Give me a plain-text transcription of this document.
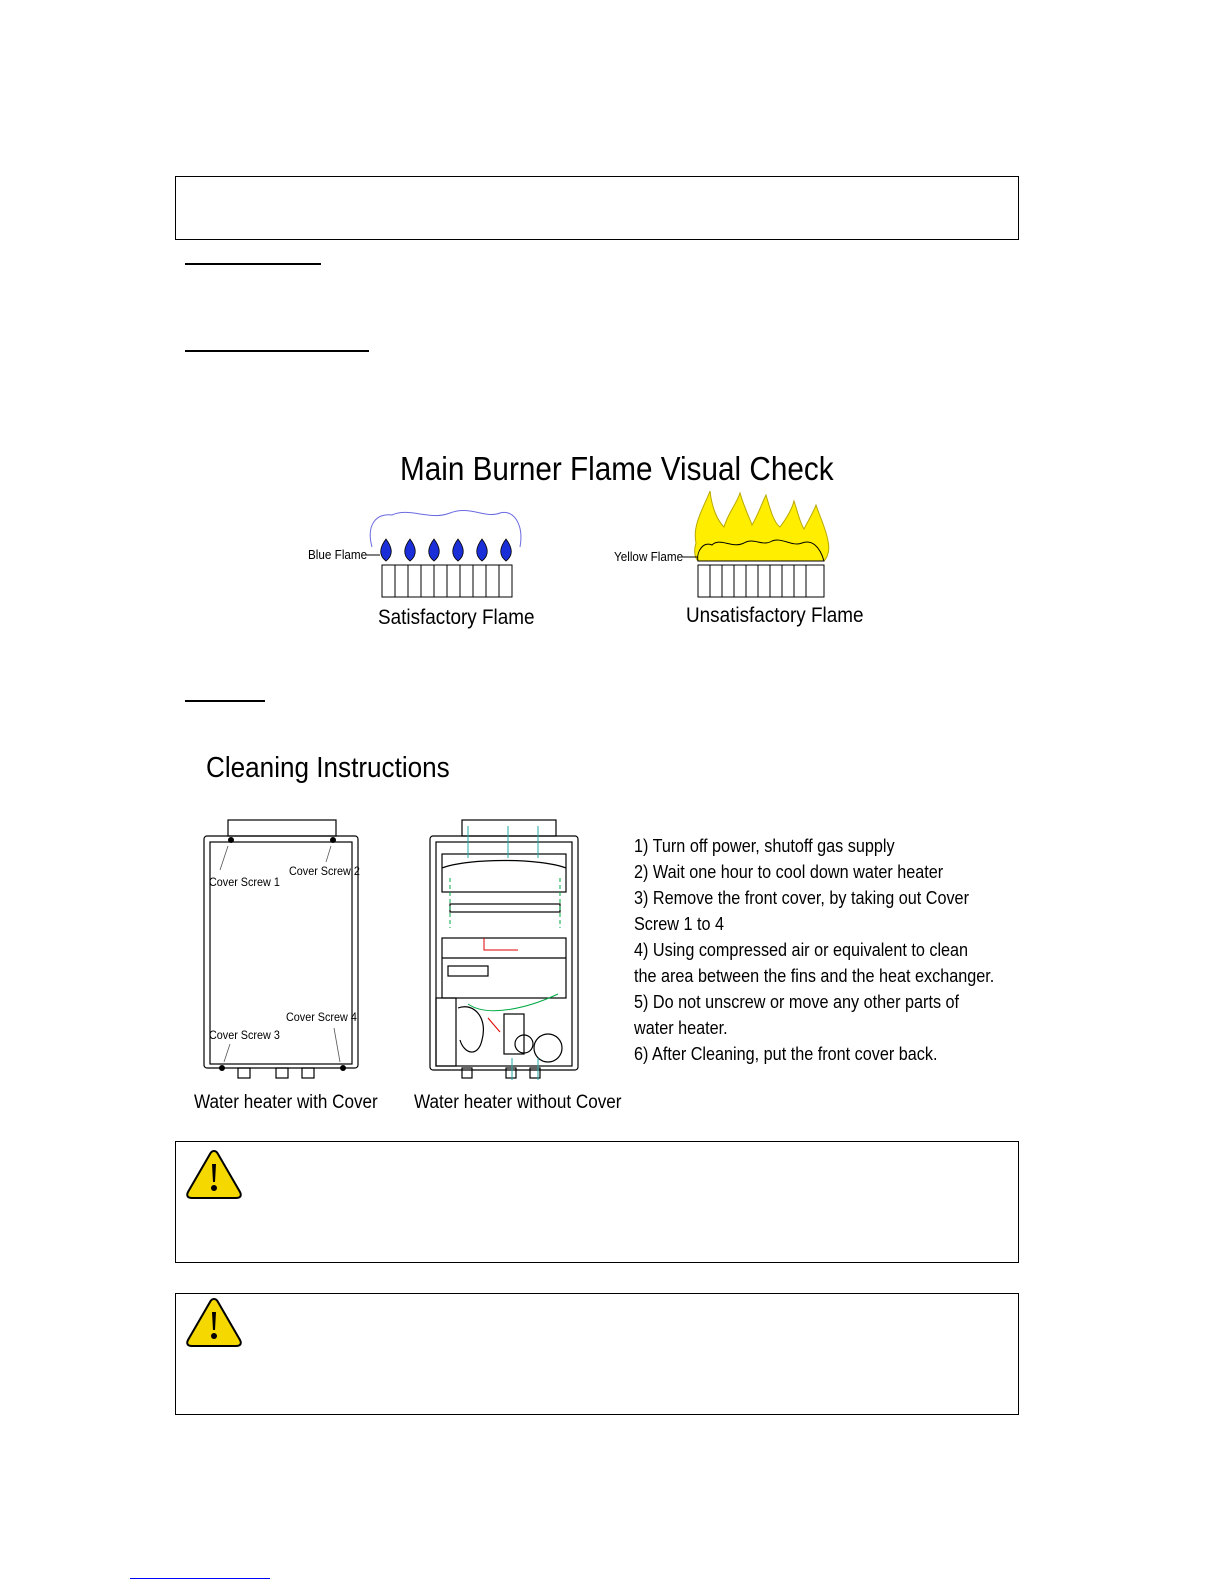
Main Burner Flame Visual Check
Blue Flame	Yellow Flame
Satisfactory Flame	Unsatisfactory Flame
Cleaning Instructions
Cover Screw 1
Cover Screw 2
Cover Screw 3
Cover Screw 4
Water heater with Cover Water heater without Cover
1) Turn off power, shutoff gas supply
2) Wait one hour to cool down water heater
3) Remove the front cover, by taking out Cover
Screw 1 to 4
4) Using compressed air or equivalent to clean
the area between the fins and the heat exchanger.
5) Do not unscrew or move any other parts of
water heater.
6) After Cleaning, put the front cover back.
